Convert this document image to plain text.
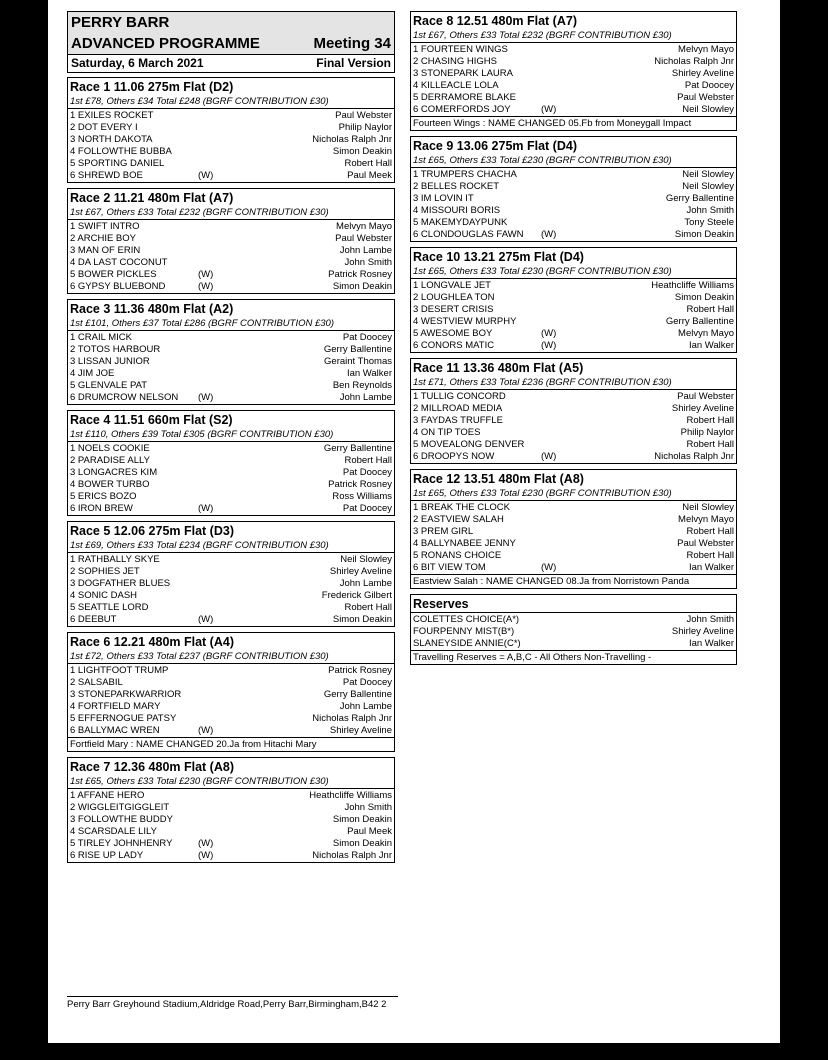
PERRY BARR
ADVANCED PROGRAMME	Meeting 34
Saturday, 6 March 2021	Final Version
Race 1 11.06 275m Flat (D2)
1st £78, Others £34 Total £248 (BGRF CONTRIBUTION £30)
1 EXILES ROCKET	Paul Webster
2 DOT EVERY I	Philip Naylor
3 NORTH DAKOTA	Nicholas Ralph Jnr
4 FOLLOWTHE BUBBA	Simon Deakin
5 SPORTING DANIEL	Robert Hall
6 SHREWD BOE	(W)	Paul Meek
Race 2 11.21 480m Flat (A7)
1st £67, Others £33 Total £232 (BGRF CONTRIBUTION £30)
1 SWIFT INTRO	Melvyn Mayo
2 ARCHIE BOY	Paul Webster
3 MAN OF ERIN	John Lambe
4 DA LAST COCONUT	John Smith
5 BOWER PICKLES	(W)	Patrick Rosney
6 GYPSY BLUEBOND	(W)	Simon Deakin
Race 3 11.36 480m Flat (A2)
1st £101, Others £37 Total £286 (BGRF CONTRIBUTION £30)
1 CRAIL MICK	Pat Doocey
2 TOTOS HARBOUR	Gerry Ballentine
3 LISSAN JUNIOR	Geraint Thomas
4 JIM JOE	Ian Walker
5 GLENVALE PAT	Ben Reynolds
6 DRUMCROW NELSON	(W)	John Lambe
Race 4 11.51 660m Flat (S2)
1st £110, Others £39 Total £305 (BGRF CONTRIBUTION £30)
1 NOELS COOKIE	Gerry Ballentine
2 PARADISE ALLY	Robert Hall
3 LONGACRES KIM	Pat Doocey
4 BOWER TURBO	Patrick Rosney
5 ERICS BOZO	Ross Williams
6 IRON BREW	(W)	Pat Doocey
Race 5 12.06 275m Flat (D3)
1st £69, Others £33 Total £234 (BGRF CONTRIBUTION £30)
1 RATHBALLY SKYE	Neil Slowley
2 SOPHIES JET	Shirley Aveline
3 DOGFATHER BLUES	John Lambe
4 SONIC DASH	Frederick Gilbert
5 SEATTLE LORD	Robert Hall
6 DEEBUT	(W)	Simon Deakin
Race 6 12.21 480m Flat (A4)
1st £72, Others £33 Total £237 (BGRF CONTRIBUTION £30)
1 LIGHTFOOT TRUMP	Patrick Rosney
2 SALSABIL	Pat Doocey
3 STONEPARKWARRIOR	Gerry Ballentine
4 FORTFIELD MARY	John Lambe
5 EFFERNOGUE PATSY	Nicholas Ralph Jnr
6 BALLYMAC WREN	(W)	Shirley Aveline
Fortfield Mary : NAME CHANGED 20.Ja from Hitachi Mary
Race 7 12.36 480m Flat (A8)
1st £65, Others £33 Total £230 (BGRF CONTRIBUTION £30)
1 AFFANE HERO	Heathcliffe Williams
2 WIGGLEITGIGGLEIT	John Smith
3 FOLLOWTHE BUDDY	Simon Deakin
4 SCARSDALE LILY	Paul Meek
5 TIRLEY JOHNHENRY	(W)	Simon Deakin
6 RISE UP LADY	(W)	Nicholas Ralph Jnr
Race 8 12.51 480m Flat (A7)
1st £67, Others £33 Total £232 (BGRF CONTRIBUTION £30)
1 FOURTEEN WINGS	Melvyn Mayo
2 CHASING HIGHS	Nicholas Ralph Jnr
3 STONEPARK LAURA	Shirley Aveline
4 KILLEACLE LOLA	Pat Doocey
5 DERRAMORE BLAKE	Paul Webster
6 COMERFORDS JOY	(W)	Neil Slowley
Fourteen Wings : NAME CHANGED 05.Fb from Moneygall Impact
Race 9 13.06 275m Flat (D4)
1st £65, Others £33 Total £230 (BGRF CONTRIBUTION £30)
1 TRUMPERS CHACHA	Neil Slowley
2 BELLES ROCKET	Neil Slowley
3 IM LOVIN IT	Gerry Ballentine
4 MISSOURI BORIS	John Smith
5 MAKEMYDAYPUNK	Tony Steele
6 CLONDOUGLAS FAWN	(W)	Simon Deakin
Race 10 13.21 275m Flat (D4)
1st £65, Others £33 Total £230 (BGRF CONTRIBUTION £30)
1 LONGVALE JET	Heathcliffe Williams
2 LOUGHLEA TON	Simon Deakin
3 DESERT CRISIS	Robert Hall
4 WESTVIEW MURPHY	Gerry Ballentine
5 AWESOME BOY	(W)	Melvyn Mayo
6 CONORS MATIC	(W)	Ian Walker
Race 11 13.36 480m Flat (A5)
1st £71, Others £33 Total £236 (BGRF CONTRIBUTION £30)
1 TULLIG CONCORD	Paul Webster
2 MILLROAD MEDIA	Shirley Aveline
3 FAYDAS TRUFFLE	Robert Hall
4 ON TIP TOES	Philip Naylor
5 MOVEALONG DENVER	Robert Hall
6 DROOPYS NOW	(W)	Nicholas Ralph Jnr
Race 12 13.51 480m Flat (A8)
1st £65, Others £33 Total £230 (BGRF CONTRIBUTION £30)
1 BREAK THE CLOCK	Neil Slowley
2 EASTVIEW SALAH	Melvyn Mayo
3 PREM GIRL	Robert Hall
4 BALLYNABEE JENNY	Paul Webster
5 RONANS CHOICE	Robert Hall
6 BIT VIEW TOM	(W)	Ian Walker
Eastview Salah : NAME CHANGED 08.Ja from Norristown Panda
Reserves
COLETTES CHOICE(A*)	John Smith
FOURPENNY MIST(B*)	Shirley Aveline
SLANEYSIDE ANNIE(C*)	Ian Walker
Travelling Reserves = A,B,C - All Others Non-Travelling -
Perry Barr Greyhound Stadium,Aldridge Road,Perry Barr,Birmingham,B42 2
